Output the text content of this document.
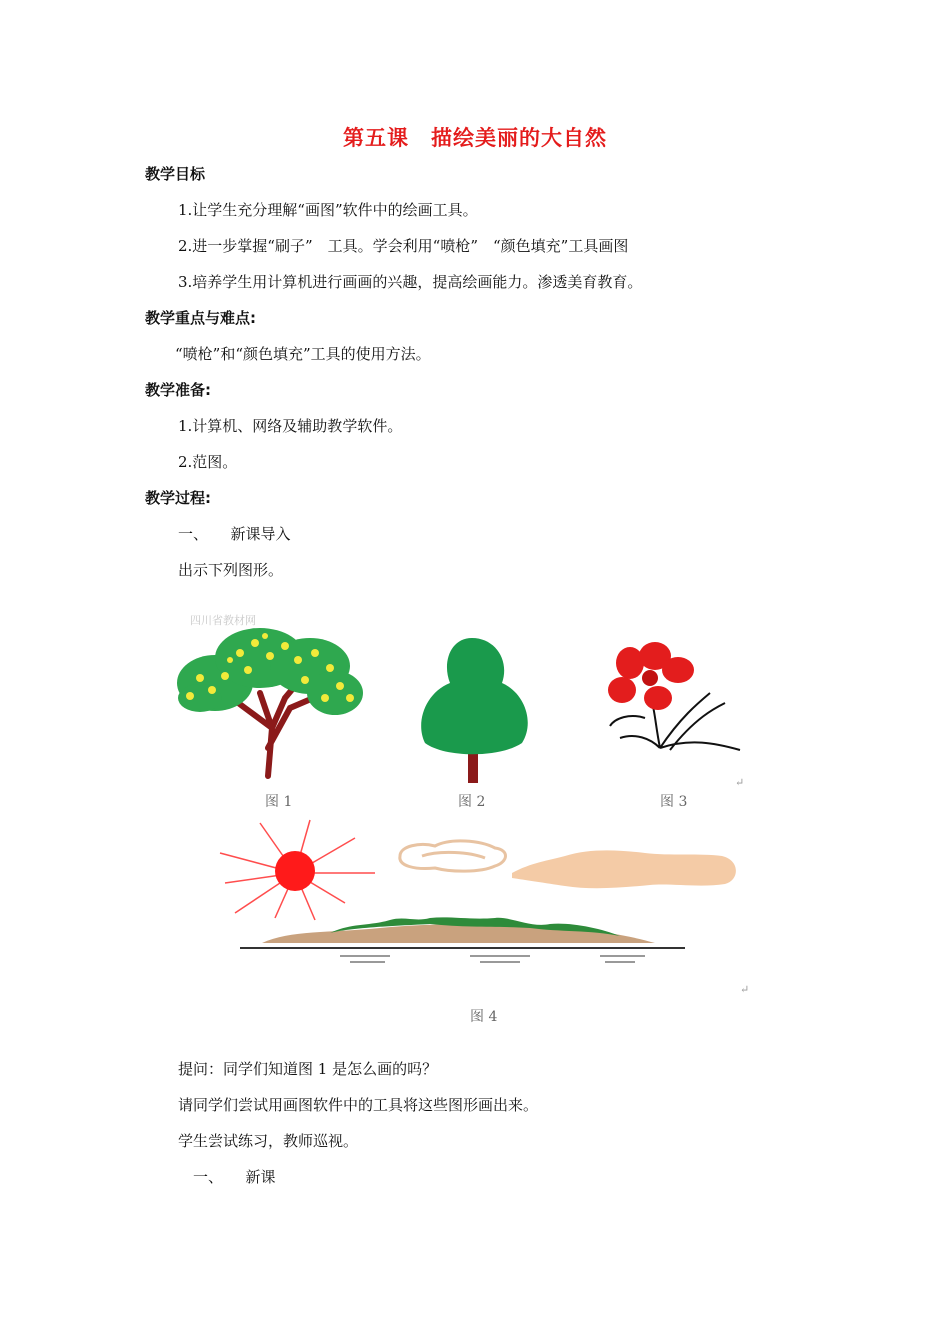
第五课　描绘美丽的大自然
教学目标
1.让学生充分理解“画图”软件中的绘画工具。
2.进一步掌握“刷子”　工具。学会利用“喷枪”　“颜色填充”工具画图
3.培养学生用计算机进行画画的兴趣，提高绘画能力。渗透美育教育。
教学重点与难点:
“喷枪”和“颜色填充”工具的使用方法。
教学准备:
1.计算机、网络及辅助教学软件。
2.范图。
教学过程:
一、　　新课导入
出示下列图形。
四川省教材网
图 1	图 2	图 3
↵
↵
图 4
提问：同学们知道图 1 是怎么画的吗？
请同学们尝试用画图软件中的工具将这些图形画出来。
学生尝试练习，教师巡视。
一、　　新课
